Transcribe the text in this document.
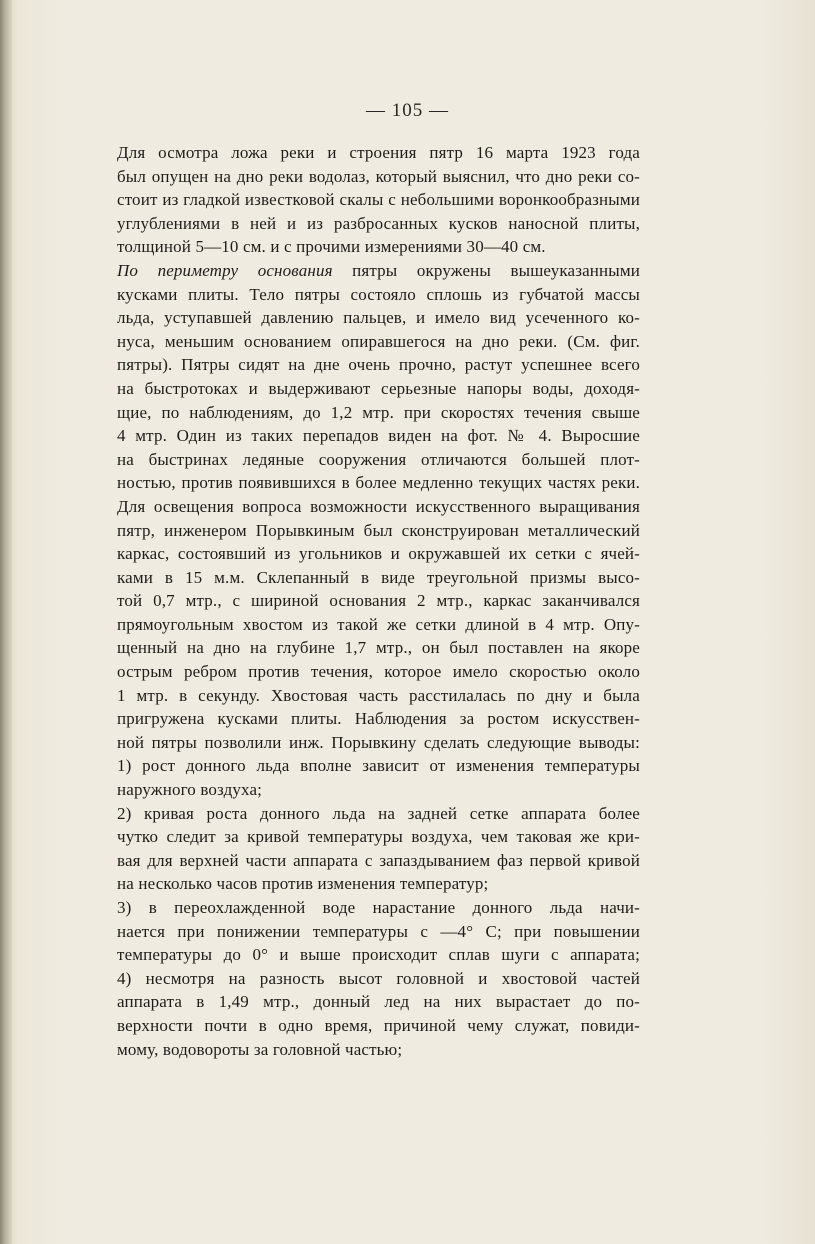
— 105 —
Для осмотра ложа реки и строения пятр 16 марта 1923 года
был опущен на дно реки водолаз, который выяснил, что дно реки со-
стоит из гладкой известковой скалы с небольшими воронкообразными
углублениями в ней и из разбросанных кусков наносной плиты,
толщиной 5—10 см. и с прочими измерениями 30—40 см.
По периметру основания пятры окружены вышеуказанными
кусками плиты. Тело пятры состояло сплошь из губчатой массы
льда, уступавшей давлению пальцев, и имело вид усеченного ко-
нуса, меньшим основанием опиравшегося на дно реки. (См. фиг.
пятры). Пятры сидят на дне очень прочно, растут успешнее всего
на быстротоках и выдерживают серьезные напоры воды, доходя-
щие, по наблюдениям, до 1,2 мтр. при скоростях течения свыше
4 мтр. Один из таких перепадов виден на фот. № 4. Выросшие
на быстринах ледяные сооружения отличаются большей плот-
ностью, против появившихся в более медленно текущих частях реки.
Для освещения вопроса возможности искусственного выращивания
пятр, инженером Порывкиным был сконструирован металлический
каркас, состоявший из угольников и окружавшей их сетки с ячей-
ками в 15 м.м. Склепанный в виде треугольной призмы высо-
той 0,7 мтр., с шириной основания 2 мтр., каркас заканчивался
прямоугольным хвостом из такой же сетки длиной в 4 мтр. Опу-
щенный на дно на глубине 1,7 мтр., он был поставлен на якоре
острым ребром против течения, которое имело скоростью около
1 мтр. в секунду. Хвостовая часть расстилалась по дну и была
пригружена кусками плиты. Наблюдения за ростом искусствен-
ной пятры позволили инж. Порывкину сделать следующие выводы:
1) рост донного льда вполне зависит от изменения температуры
наружного воздуха;
2) кривая роста донного льда на задней сетке аппарата более
чутко следит за кривой температуры воздуха, чем таковая же кри-
вая для верхней части аппарата с запаздыванием фаз первой кривой
на несколько часов против изменения температур;
3) в переохлажденной воде нарастание донного льда начи-
нается при понижении температуры с —4° С; при повышении
температуры до 0° и выше происходит сплав шуги с аппарата;
4) несмотря на разность высот головной и хвостовой частей
аппарата в 1,49 мтр., донный лед на них вырастает до по-
верхности почти в одно время, причиной чему служат, повиди-
мому, водовороты за головной частью;
